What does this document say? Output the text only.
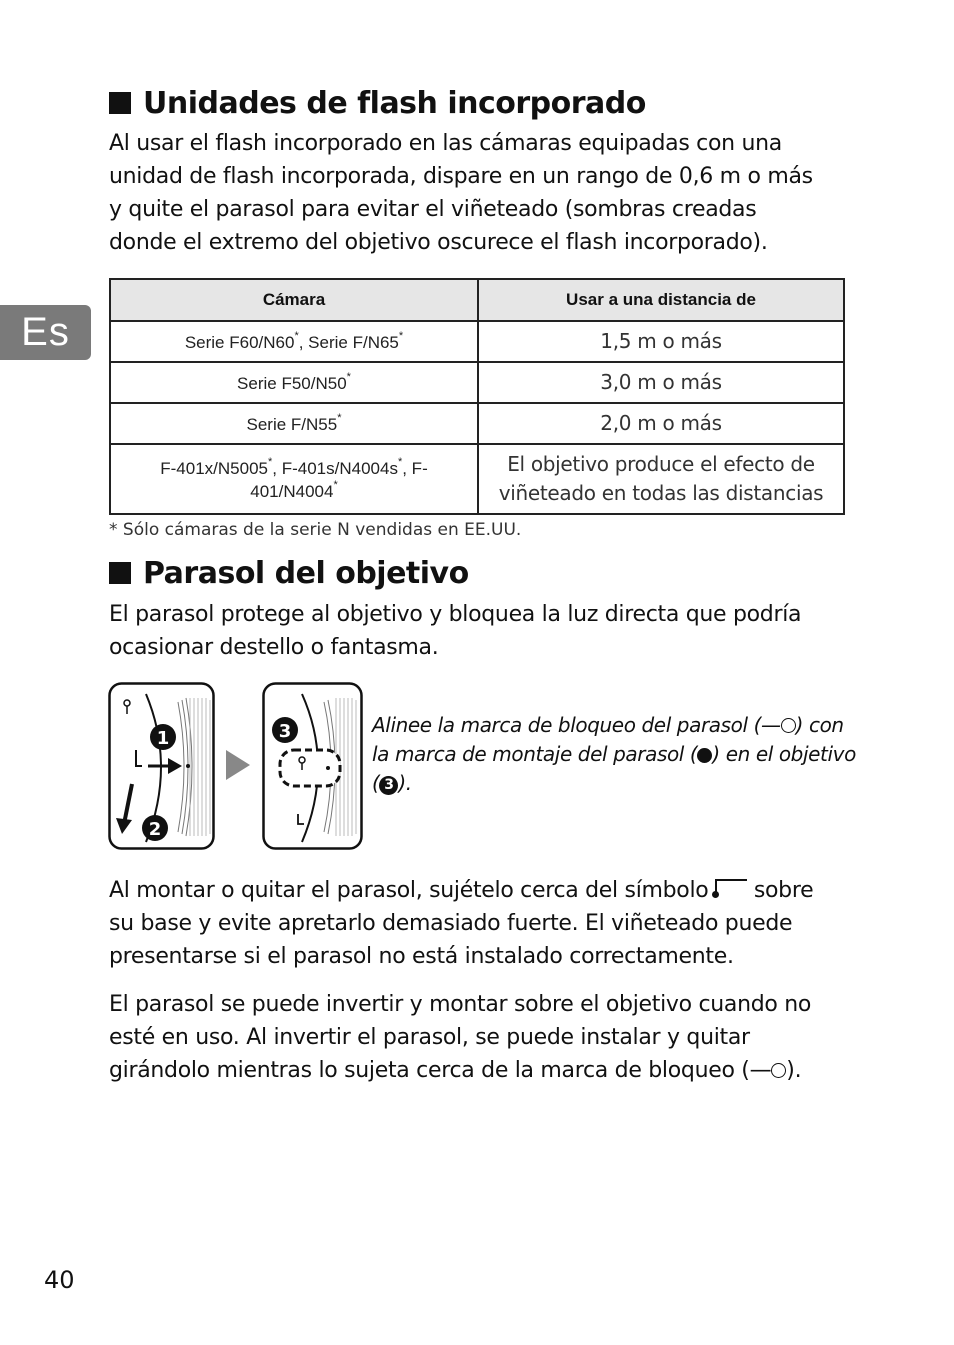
Es
Unidades de flash incorporado
Al usar el flash incorporado en las cámaras equipadas con una
unidad de flash incorporada, dispare en un rango de 0,6 m o más
y quite el parasol para evitar el viñeteado (sombras creadas
donde el extremo del objetivo oscurece el flash incorporado).
Cámara	Usar a una distancia de
Serie F60/N60*, Serie F/N65*	1,5 m o más
Serie F50/N50*	3,0 m o más
Serie F/N55*	2,0 m o más
F-401x/N5005*, F-401s/N4004s*, F-401/N4004*	El objetivo produce el efecto de
viñeteado en todas las distancias
* Sólo cámaras de la serie N vendidas en EE.UU.
Parasol del objetivo
El parasol protege al objetivo y bloquea la luz directa que podría
ocasionar destello o fantasma.
1
2
3	Alinee la marca de bloqueo del parasol (— ) con
la marca de montaje del parasol ( ) en el objetivo
( 3 ).
Al montar o quitar el parasol, sujételo cerca del símbolo sobre
su base y evite apretarlo demasiado fuerte. El viñeteado puede
presentarse si el parasol no está instalado correctamente.
El parasol se puede invertir y montar sobre el objetivo cuando no
esté en uso. Al invertir el parasol, se puede instalar y quitar
girándolo mientras lo sujeta cerca de la marca de bloqueo (— ).
40
